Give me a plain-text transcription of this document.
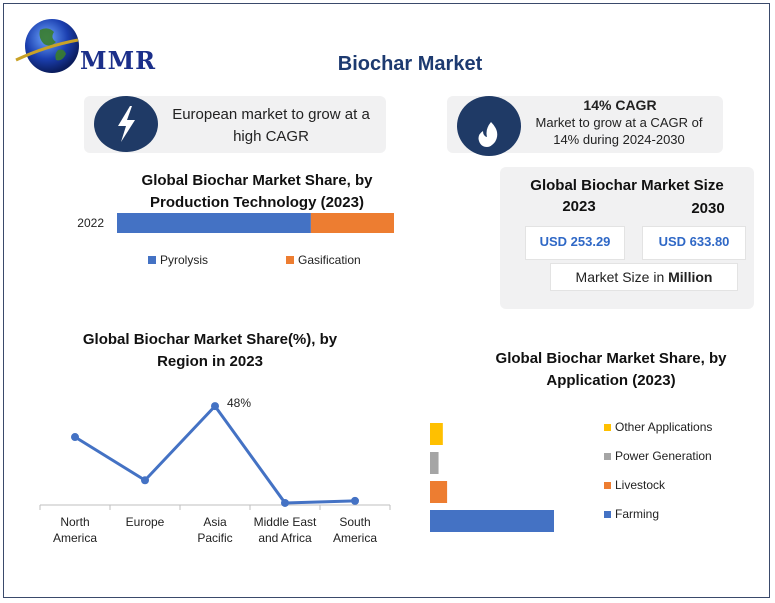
MMR	Biochar Market
European market to grow at a high CAGR
14% CAGR
Market to grow at a CAGR of 14% during 2024-2030
Global Biochar Market Size
2023	2030
USD 253.29	USD 633.80
Market Size in Million
Global Biochar Market Share, by Production Technology (2023)
2022
Pyrolysis	Gasification
Global Biochar Market Share(%), by Region in 2023
48%
North America
Europe	Asia Pacific
Middle East and Africa
South America
Global Biochar Market Share, by Application (2023)
Other Applications
Power Generation
Livestock
Farming
